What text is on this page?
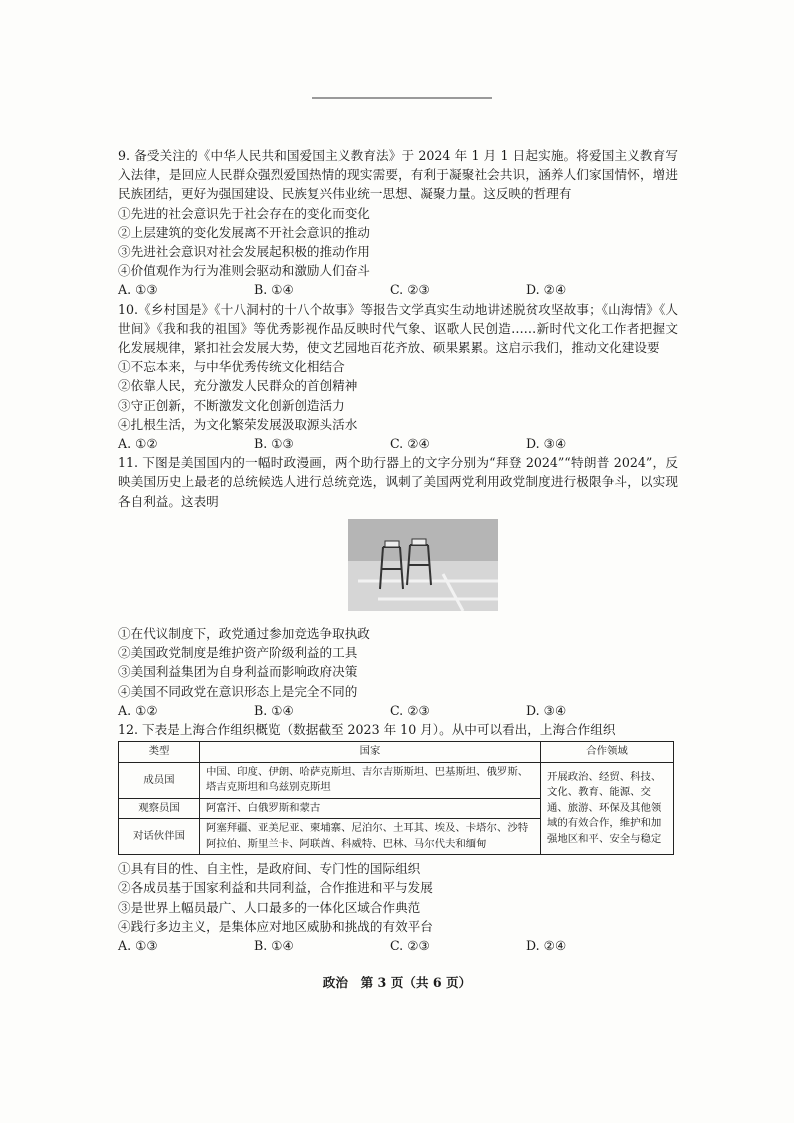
9. 备受关注的《中华人民共和国爱国主义教育法》于 2024 年 1 月 1 日起实施。将爱国主义教育写入法律，是回应人民群众强烈爱国热情的现实需要，有利于凝聚社会共识，涵养人们家国情怀，增进民族团结，更好为强国建设、民族复兴伟业统一思想、凝聚力量。这反映的哲理有

①先进的社会意识先于社会存在的变化而变化

②上层建筑的变化发展离不开社会意识的推动

③先进社会意识对社会发展起积极的推动作用

④价值观作为行为准则会驱动和激励人们奋斗

A. ①③	B. ①④	C. ②③	D. ②④

10.《乡村国是》《十八洞村的十八个故事》等报告文学真实生动地讲述脱贫攻坚故事；《山海情》《人世间》《我和我的祖国》等优秀影视作品反映时代气象、讴歌人民创造……新时代文化工作者把握文化发展规律，紧扣社会发展大势，使文艺园地百花齐放、硕果累累。这启示我们，推动文化建设要

①不忘本来，与中华优秀传统文化相结合

②依靠人民，充分激发人民群众的首创精神

③守正创新，不断激发文化创新创造活力

④扎根生活，为文化繁荣发展汲取源头活水

A. ①②	B. ①③	C. ②④	D. ③④

11. 下图是美国国内的一幅时政漫画，两个助行器上的文字分别为“拜登 2024”“特朗普 2024”，反映美国历史上最老的总统候选人进行总统竞选，讽刺了美国两党利用政党制度进行极限争斗，以实现各自利益。这表明

①在代议制度下，政党通过参加竞选争取执政

②美国政党制度是维护资产阶级利益的工具

③美国利益集团为自身利益而影响政府决策

④美国不同政党在意识形态上是完全不同的

A. ①②	B. ①④	C. ②③	D. ③④

12. 下表是上海合作组织概览（数据截至 2023 年 10 月）。从中可以看出，上海合作组织

类型	国家	合作领域
成员国	中国、印度、伊朗、哈萨克斯坦、吉尔吉斯斯坦、巴基斯坦、俄罗斯、塔吉克斯坦和乌兹别克斯坦	开展政治、经贸、科技、文化、教育、能源、交通、旅游、环保及其他领域的有效合作，维护和加强地区和平、安全与稳定
观察员国	阿富汗、白俄罗斯和蒙古	
对话伙伴国	阿塞拜疆、亚美尼亚、柬埔寨、尼泊尔、土耳其、埃及、卡塔尔、沙特阿拉伯、斯里兰卡、阿联酋、科威特、巴林、马尔代夫和缅甸	

①具有目的性、自主性，是政府间、专门性的国际组织

②各成员基于国家利益和共同利益，合作推进和平与发展

③是世界上幅员最广、人口最多的一体化区域合作典范

④践行多边主义，是集体应对地区威胁和挑战的有效平台

A. ①③	B. ①④	C. ②③	D. ②④
政治　第 3 页（共 6 页）
